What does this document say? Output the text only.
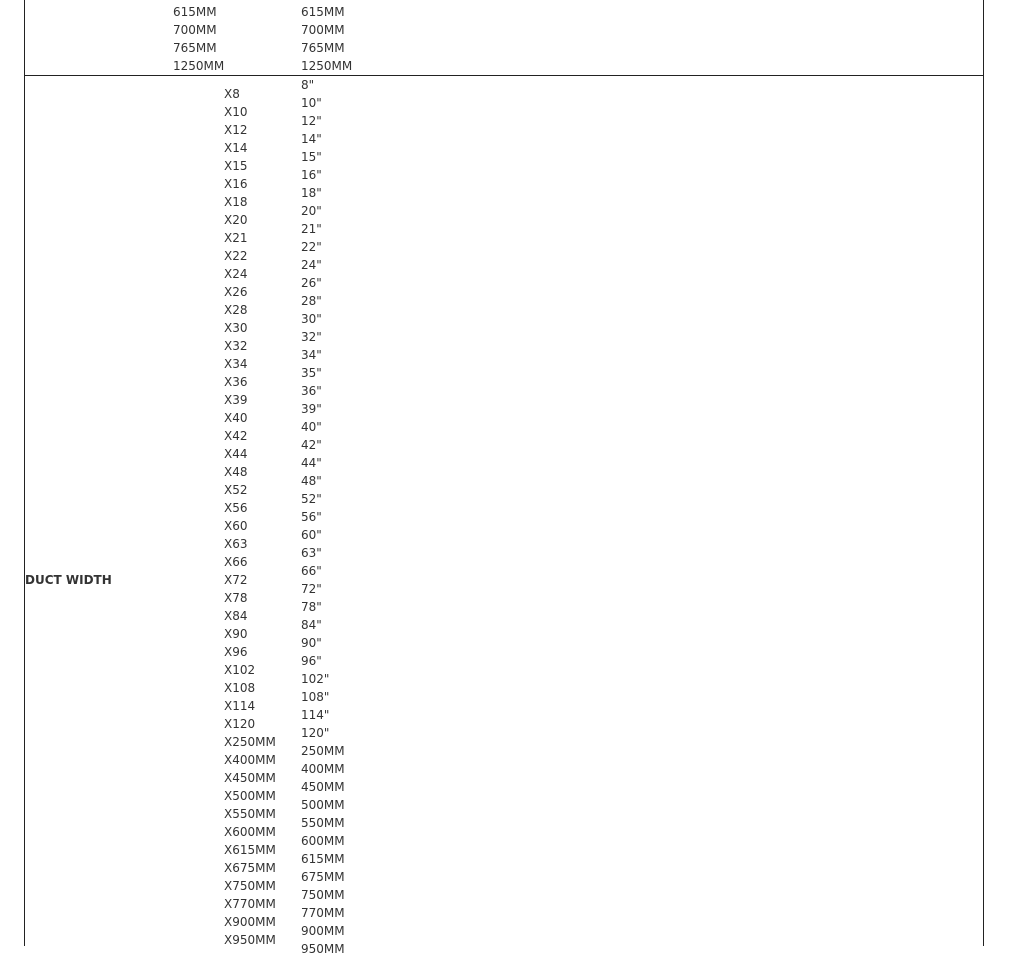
615MM
700MM
765MM
1250MM
615MM
700MM
765MM
1250MM
DUCT WIDTH
X8
X10
X12
X14
X15
X16
X18
X20
X21
X22
X24
X26
X28
X30
X32
X34
X36
X39
X40
X42
X44
X48
X52
X56
X60
X63
X66
X72
X78
X84
X90
X96
X102
X108
X114
X120
X250MM
X400MM
X450MM
X500MM
X550MM
X600MM
X615MM
X675MM
X750MM
X770MM
X900MM
X950MM
8"
10"
12"
14"
15"
16"
18"
20"
21"
22"
24"
26"
28"
30"
32"
34"
35"
36"
39"
40"
42"
44"
48"
52"
56"
60"
63"
66"
72"
78"
84"
90"
96"
102"
108"
114"
120"
250MM
400MM
450MM
500MM
550MM
600MM
615MM
675MM
750MM
770MM
900MM
950MM
